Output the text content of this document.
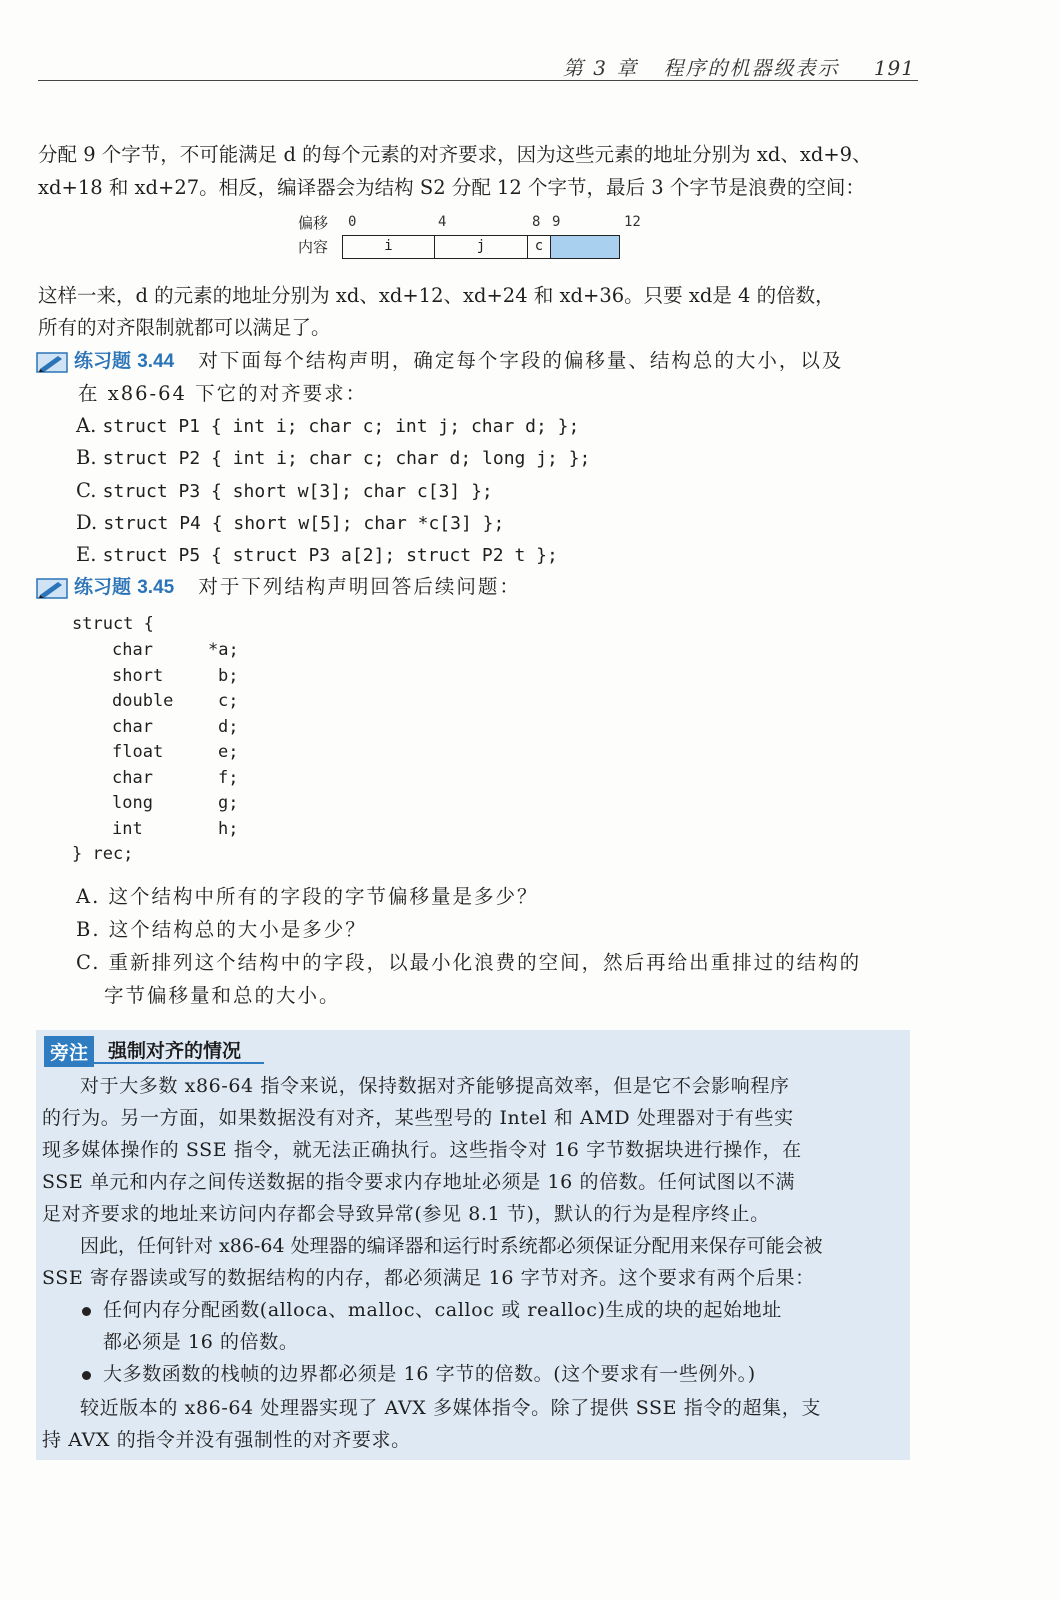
第 3 章 程序的机器级表示 191
分配 9 个字节，不可能满足 d 的每个元素的对齐要求，因为这些元素的地址分别为 xd、xd+9、
xd+18 和 xd+27。相反，编译器会为结构 S2 分配 12 个字节，最后 3 个字节是浪费的空间：
偏移
内容
0	4	8 9	12
i	j	c
这样一来，d 的元素的地址分别为 xd、xd+12、xd+24 和 xd+36。只要 xd是 4 的倍数，
所有的对齐限制就都可以满足了。
练习题 3.44 对下面每个结构声明，确定每个字段的偏移量、结构总的大小，以及
在 x86-64 下它的对齐要求：
A. struct P1 { int i; char c; int j; char d; };
B. struct P2 { int i; char c; char d; long j; };
C. struct P3 { short w[3]; char c[3] };
D. struct P4 { short w[5]; char *c[3] };
E. struct P5 { struct P3 a[2]; struct P2 t };
练习题 3.45 对于下列结构声明回答后续问题：
struct {
char	*a;
short	b;
double	c;
char	d;
float	e;
char	f;
long	g;
int	h;
} rec;
A. 这个结构中所有的字段的字节偏移量是多少？
B. 这个结构总的大小是多少？
C. 重新排列这个结构中的字段，以最小化浪费的空间，然后再给出重排过的结构的
字节偏移量和总的大小。
旁注	强制对齐的情况
对于大多数 x86-64 指令来说，保持数据对齐能够提高效率，但是它不会影响程序
的行为。另一方面，如果数据没有对齐，某些型号的 Intel 和 AMD 处理器对于有些实
现多媒体操作的 SSE 指令，就无法正确执行。这些指令对 16 字节数据块进行操作，在
SSE 单元和内存之间传送数据的指令要求内存地址必须是 16 的倍数。任何试图以不满
足对齐要求的地址来访问内存都会导致异常(参见 8.1 节)，默认的行为是程序终止。
因此，任何针对 x86-64 处理器的编译器和运行时系统都必须保证分配用来保存可能会被
SSE 寄存器读或写的数据结构的内存，都必须满足 16 字节对齐。这个要求有两个后果：
任何内存分配函数(alloca、malloc、calloc 或 realloc)生成的块的起始地址
都必须是 16 的倍数。
大多数函数的栈帧的边界都必须是 16 字节的倍数。(这个要求有一些例外。)
较近版本的 x86-64 处理器实现了 AVX 多媒体指令。除了提供 SSE 指令的超集，支
持 AVX 的指令并没有强制性的对齐要求。
